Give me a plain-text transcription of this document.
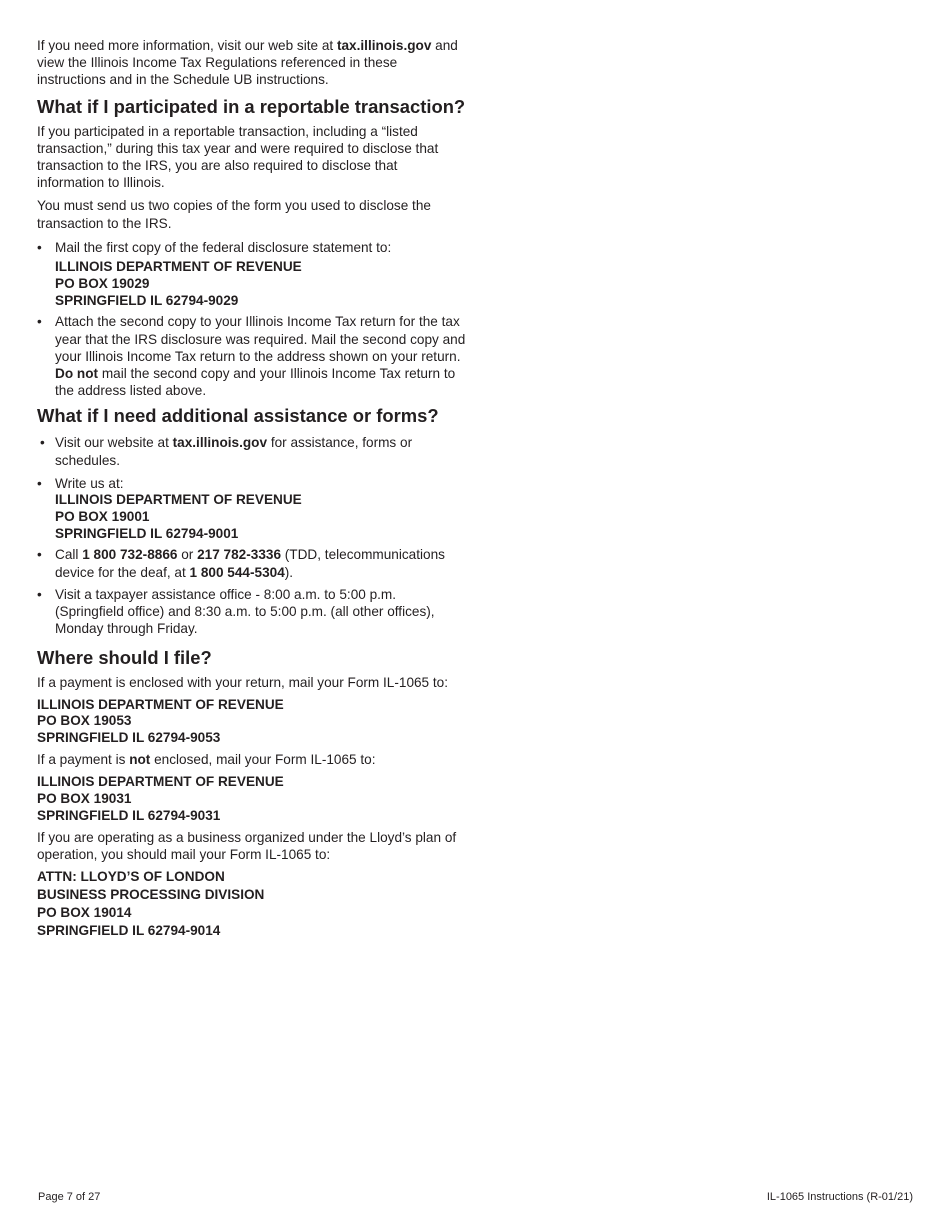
If you need more information, visit our web site at tax.illinois.gov and view the Illinois Income Tax Regulations referenced in these instructions and in the Schedule UB instructions.

What if I participated in a reportable transaction?

If you participated in a reportable transaction, including a “listed transaction,” during this tax year and were required to disclose that transaction to the IRS, you are also required to disclose that information to Illinois.

You must send us two copies of the form you used to disclose the transaction to the IRS.

• Mail the first copy of the federal disclosure statement to:
ILLINOIS DEPARTMENT OF REVENUE
PO BOX 19029
SPRINGFIELD IL 62794-9029
• Attach the second copy to your Illinois Income Tax return for the tax year that the IRS disclosure was required. Mail the second copy and your Illinois Income Tax return to the address shown on your return. Do not mail the second copy and your Illinois Income Tax return to the address listed above.
What if I need additional assistance or forms?
• Visit our website at tax.illinois.gov for assistance, forms or schedules.
• Write us at:
ILLINOIS DEPARTMENT OF REVENUE
PO BOX 19001
SPRINGFIELD IL 62794-9001
• Call 1 800 732-8866 or 217 782-3336 (TDD, telecommunications device for the deaf, at 1 800 544-5304).
• Visit a taxpayer assistance office - 8:00 a.m. to 5:00 p.m. (Springfield office) and 8:30 a.m. to 5:00 p.m. (all other offices), Monday through Friday.
Where should I file?

If a payment is enclosed with your return, mail your Form IL-1065 to:

ILLINOIS DEPARTMENT OF REVENUE
PO BOX 19053
SPRINGFIELD IL 62794-9053

If a payment is not enclosed, mail your Form IL-1065 to:

ILLINOIS DEPARTMENT OF REVENUE
PO BOX 19031
SPRINGFIELD IL 62794-9031

If you are operating as a business organized under the Lloyd’s plan of operation, you should mail your Form IL-1065 to:

ATTN: LLOYD’S OF LONDON
BUSINESS PROCESSING DIVISION
PO BOX 19014
SPRINGFIELD IL 62794-9014
Page 7 of 27	IL-1065 Instructions (R-01/21)
